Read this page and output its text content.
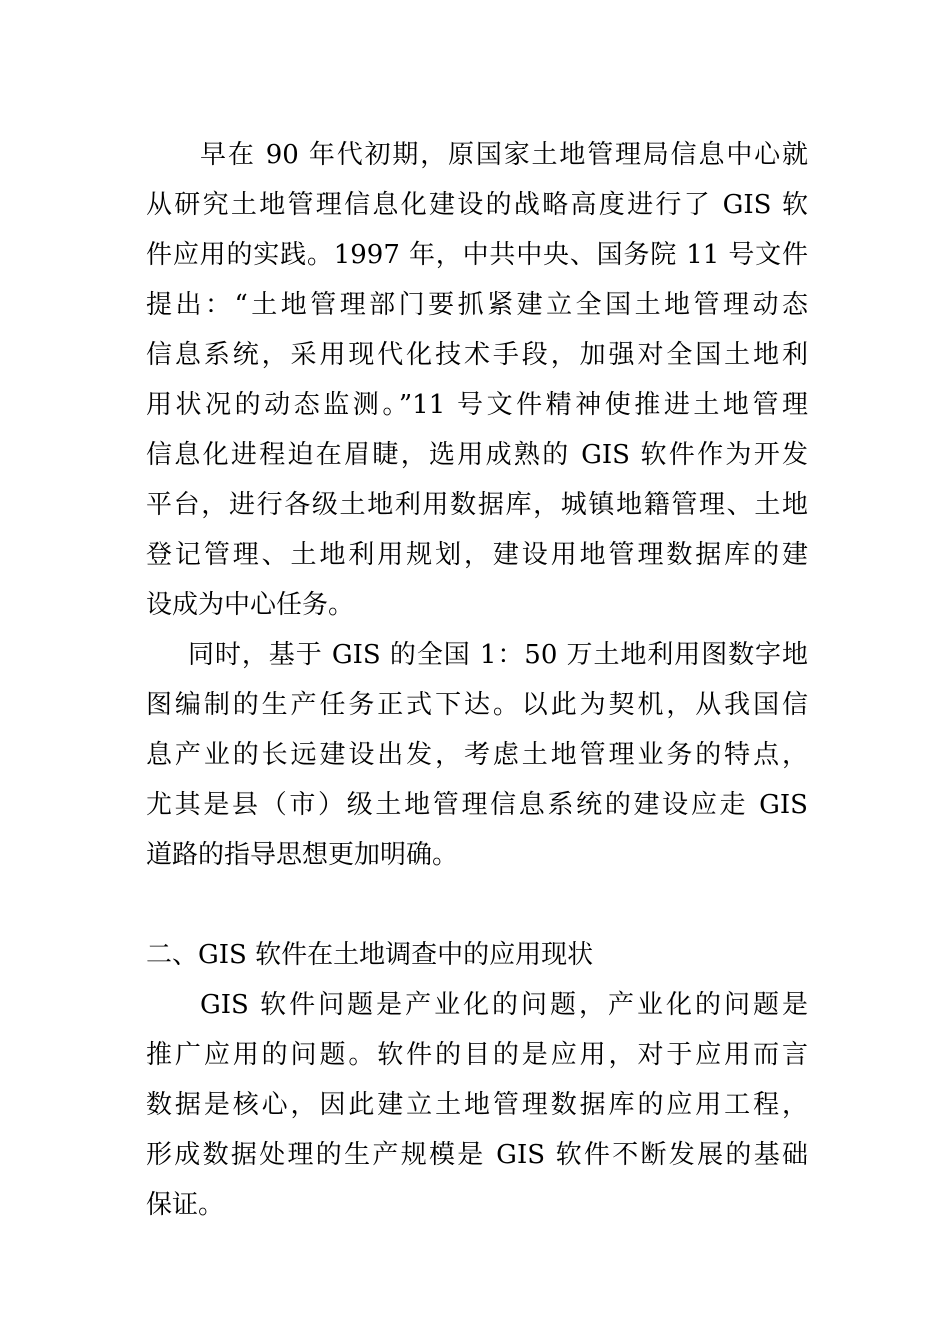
早在 90 年代初期，原国家土地管理局信息中心就
从研究土地管理信息化建设的战略高度进行了 GIS 软
件应用的实践。1997 年，中共中央、国务院 11 号文件
提出：“土地管理部门要抓紧建立全国土地管理动态
信息系统，采用现代化技术手段，加强对全国土地利
用状况的动态监测。”11 号文件精神使推进土地管理
信息化进程迫在眉睫，选用成熟的 GIS 软件作为开发
平台，进行各级土地利用数据库，城镇地籍管理、土地
登记管理、土地利用规划，建设用地管理数据库的建
设成为中心任务。
同时，基于 GIS 的全国 1：50 万土地利用图数字地
图编制的生产任务正式下达。以此为契机，从我国信
息产业的长远建设出发，考虑土地管理业务的特点，
尤其是县（市）级土地管理信息系统的建设应走 GIS
道路的指导思想更加明确。
二、GIS 软件在土地调查中的应用现状
GIS 软件问题是产业化的问题，产业化的问题是
推广应用的问题。软件的目的是应用，对于应用而言
数据是核心，因此建立土地管理数据库的应用工程，
形成数据处理的生产规模是 GIS 软件不断发展的基础
保证。
